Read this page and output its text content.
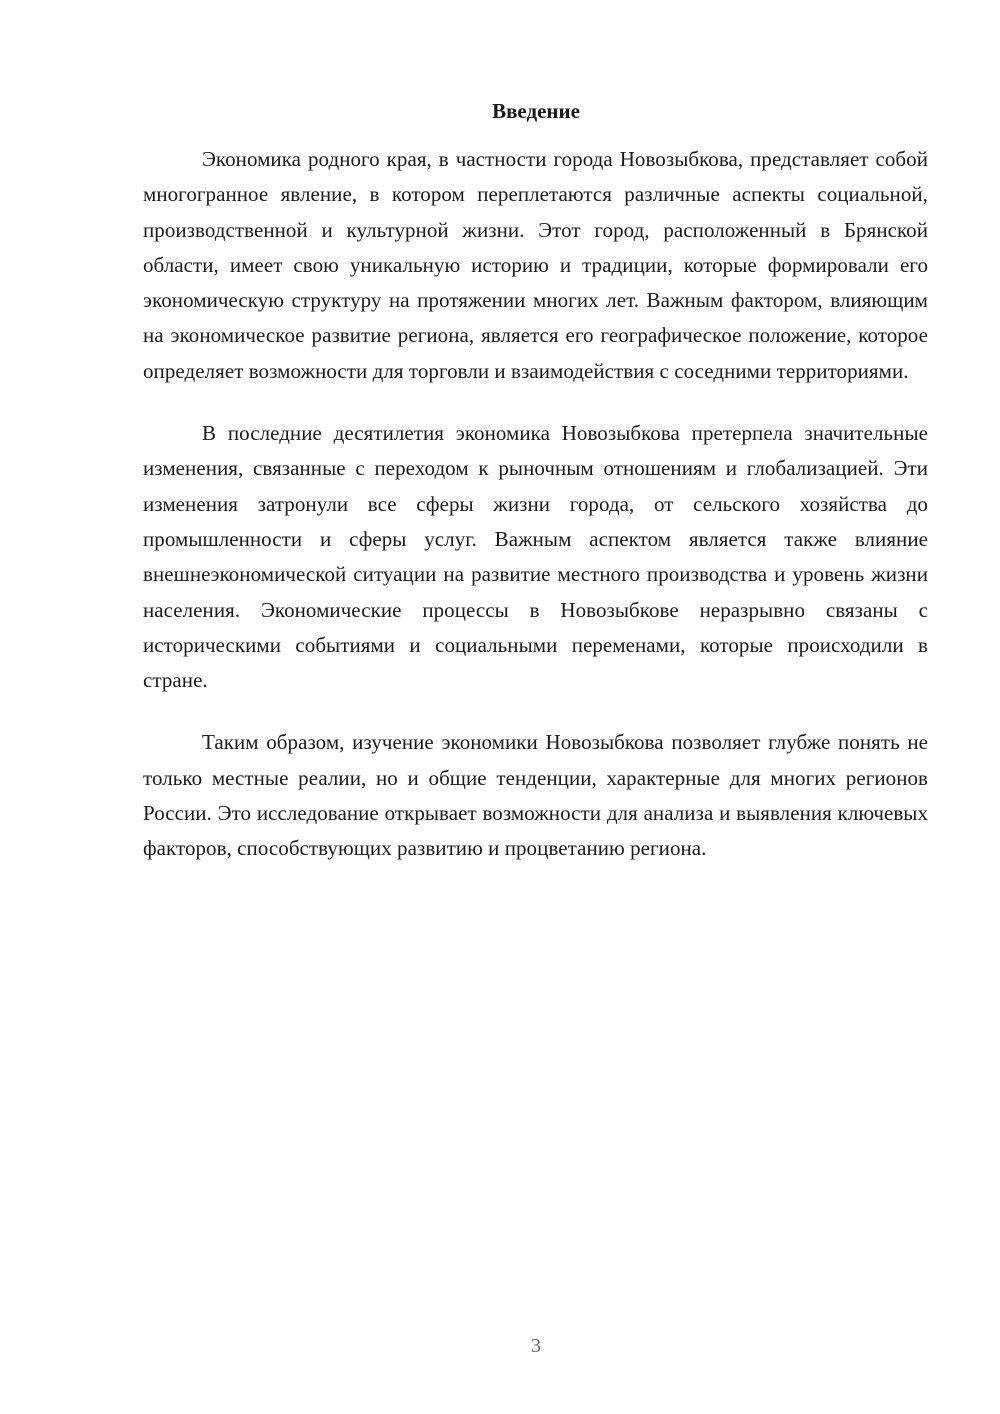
Введение

Экономика родного края, в частности города Новозыбкова, представляет собой многогранное явление, в котором переплетаются различные аспекты социальной, производственной и культурной жизни. Этот город, расположенный в Брянской области, имеет свою уникальную историю и традиции, которые формировали его экономическую структуру на протяжении многих лет. Важным фактором, влияющим на экономическое развитие региона, является его географическое положение, которое определяет возможности для торговли и взаимодействия с соседними территориями.

В последние десятилетия экономика Новозыбкова претерпела значительные изменения, связанные с переходом к рыночным отношениям и глобализацией. Эти изменения затронули все сферы жизни города, от сельского хозяйства до промышленности и сферы услуг. Важным аспектом является также влияние внешнеэкономической ситуации на развитие местного производства и уровень жизни населения. Экономические процессы в Новозыбкове неразрывно связаны с историческими событиями и социальными переменами, которые происходили в стране.

Таким образом, изучение экономики Новозыбкова позволяет глубже понять не только местные реалии, но и общие тенденции, характерные для многих регионов России. Это исследование открывает возможности для анализа и выявления ключевых факторов, способствующих развитию и процветанию региона.

3
